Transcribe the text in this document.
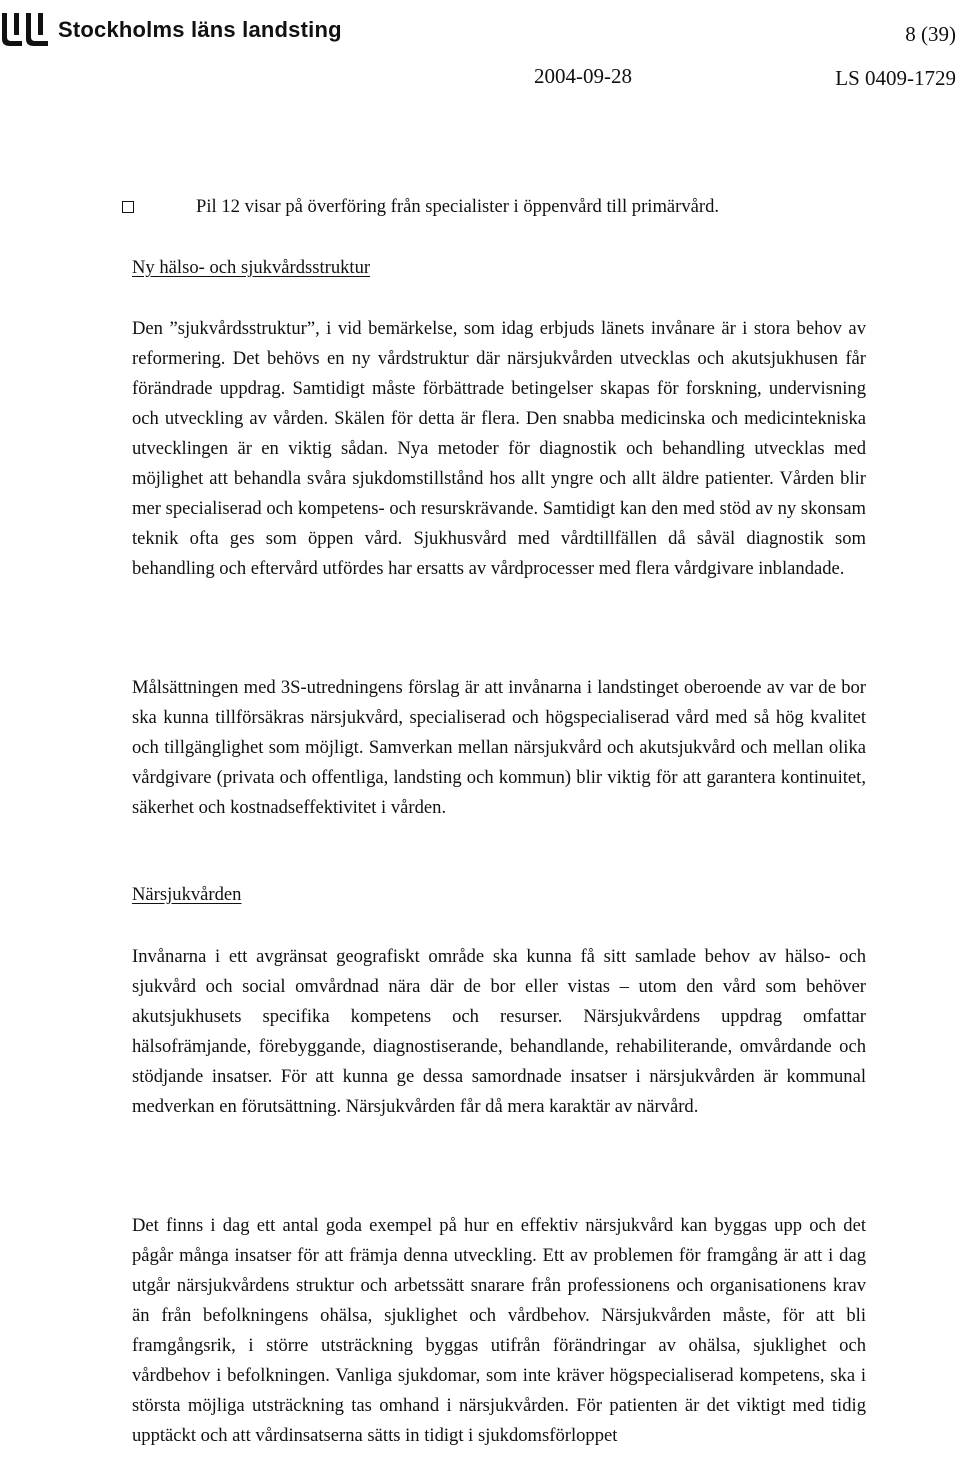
Stockholms läns landsting	8 (39)
2004-09-28	LS 0409-1729
Pil 12 visar på överföring från specialister i öppenvård till primärvård.
Ny hälso- och sjukvårdsstruktur

Den ”sjukvårdsstruktur”, i vid bemärkelse, som idag erbjuds länets invånare är i stora behov av reformering. Det behövs en ny vårdstruktur där närsjukvården utvecklas och akutsjukhusen får förändrade uppdrag. Samtidigt måste förbättrade betingelser skapas för forskning, undervisning och utveckling av vården. Skälen för detta är flera. Den snabba medicinska och medicintekniska utvecklingen är en viktig sådan. Nya metoder för diagnostik och behandling utvecklas med möjlighet att behandla svåra sjukdomstillstånd hos allt yngre och allt äldre patienter. Vården blir mer specialiserad och kompetens- och resurskrävande. Samtidigt kan den med stöd av ny skonsam teknik ofta ges som öppen vård. Sjukhusvård med vårdtillfällen då såväl diagnostik som behandling och eftervård utfördes har ersatts av vårdprocesser med flera vårdgivare inblandade.

Målsättningen med 3S-utredningens förslag är att invånarna i landstinget oberoende av var de bor ska kunna tillförsäkras närsjukvård, specialiserad och högspecialiserad vård med så hög kvalitet och tillgänglighet som möjligt. Samverkan mellan närsjukvård och akutsjukvård och mellan olika vårdgivare (privata och offentliga, landsting och kommun) blir viktig för att garantera kontinuitet, säkerhet och kostnadseffektivitet i vården.

Närsjukvården

Invånarna i ett avgränsat geografiskt område ska kunna få sitt samlade behov av hälso- och sjukvård och social omvårdnad nära där de bor eller vistas – utom den vård som behöver akutsjukhusets specifika kompetens och resurser. Närsjukvårdens uppdrag omfattar hälsofrämjande, förebyggande, diagnostiserande, behandlande, rehabiliterande, omvårdande och stödjande insatser. För att kunna ge dessa samordnade insatser i närsjukvården är kommunal medverkan en förutsättning. Närsjukvården får då mera karaktär av närvård.

Det finns i dag ett antal goda exempel på hur en effektiv närsjukvård kan byggas upp och det pågår många insatser för att främja denna utveckling. Ett av problemen för framgång är att i dag utgår närsjukvårdens struktur och arbetssätt snarare från professionens och organisationens krav än från befolkningens ohälsa, sjuklighet och vårdbehov. Närsjukvården måste, för att bli framgångsrik, i större utsträckning byggas utifrån förändringar av ohälsa, sjuklighet och vårdbehov i befolkningen. Vanliga sjukdomar, som inte kräver högspecialiserad kompetens, ska i största möjliga utsträckning tas omhand i närsjukvården. För patienten är det viktigt med tidig upptäckt och att vårdinsatserna sätts in tidigt i sjukdomsförloppet
